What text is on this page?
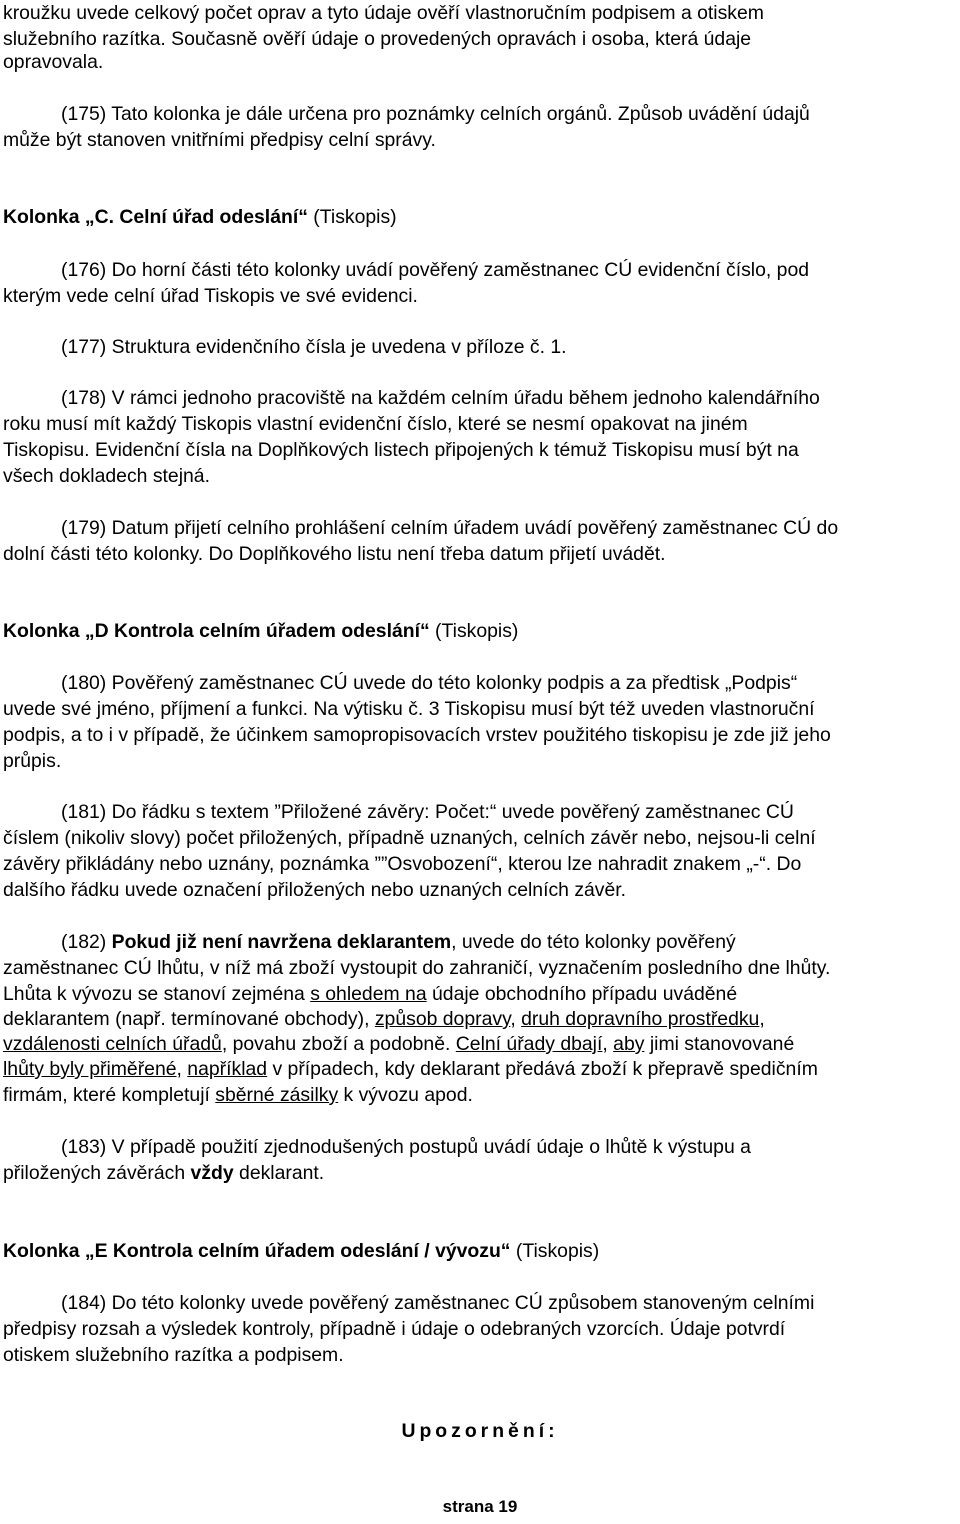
kroužku uvede celkový počet oprav a tyto údaje ověří vlastnoručním podpisem a otiskem

služebního razítka. Současně ověří údaje o provedených opravách i osoba, která údaje

opravovala.

(175) Tato kolonka je dále určena pro poznámky celních orgánů. Způsob uvádění údajů

může být stanoven vnitřními předpisy celní správy.

Kolonka „C. Celní úřad odeslání“ (Tiskopis)

(176) Do horní části této kolonky uvádí pověřený zaměstnanec CÚ evidenční číslo, pod

kterým vede celní úřad Tiskopis ve své evidenci.

(177) Struktura evidenčního čísla je uvedena v příloze č. 1.

(178) V rámci jednoho pracoviště na každém celním úřadu během jednoho kalendářního

roku musí mít každý Tiskopis vlastní evidenční číslo, které se nesmí opakovat na jiném

Tiskopisu. Evidenční čísla na Doplňkových listech připojených k témuž Tiskopisu musí být na

všech dokladech stejná.

(179) Datum přijetí celního prohlášení celním úřadem uvádí pověřený zaměstnanec CÚ do

dolní části této kolonky. Do Doplňkového listu není třeba datum přijetí uvádět.

Kolonka „D Kontrola celním úřadem odeslání“ (Tiskopis)

(180) Pověřený zaměstnanec CÚ uvede do této kolonky podpis a za předtisk „Podpis“

uvede své jméno, příjmení a funkci. Na výtisku č. 3 Tiskopisu musí být též uveden vlastnoruční

podpis, a to i v případě, že účinkem samopropisovacích vrstev použitého tiskopisu je zde již jeho

průpis.

(181) Do řádku s textem ”Přiložené závěry: Počet:“ uvede pověřený zaměstnanec CÚ

číslem (nikoliv slovy) počet přiložených, případně uznaných, celních závěr nebo, nejsou-li celní

závěry přikládány nebo uznány, poznámka ””Osvobození“, kterou lze nahradit znakem „-“. Do

dalšího řádku uvede označení přiložených nebo uznaných celních závěr.

(182) Pokud již není navržena deklarantem, uvede do této kolonky pověřený

zaměstnanec CÚ lhůtu, v níž má zboží vystoupit do zahraničí, vyznačením posledního dne lhůty.

Lhůta k vývozu se stanoví zejména s ohledem na údaje obchodního případu uváděné

deklarantem (např. termínované obchody), způsob dopravy, druh dopravního prostředku,

vzdálenosti celních úřadů, povahu zboží a podobně. Celní úřady dbají, aby jimi stanovované

lhůty byly přiměřené, například v případech, kdy deklarant předává zboží k přepravě spedičním

firmám, které kompletují sběrné zásilky k vývozu apod.

(183) V případě použití zjednodušených postupů uvádí údaje o lhůtě k výstupu a

přiložených závěrách vždy deklarant.

Kolonka „E Kontrola celním úřadem odeslání / vývozu“ (Tiskopis)

(184) Do této kolonky uvede pověřený zaměstnanec CÚ způsobem stanoveným celními

předpisy rozsah a výsledek kontroly, případně i údaje o odebraných vzorcích. Údaje potvrdí

otiskem služebního razítka a podpisem.

Upozornění:

strana 19
